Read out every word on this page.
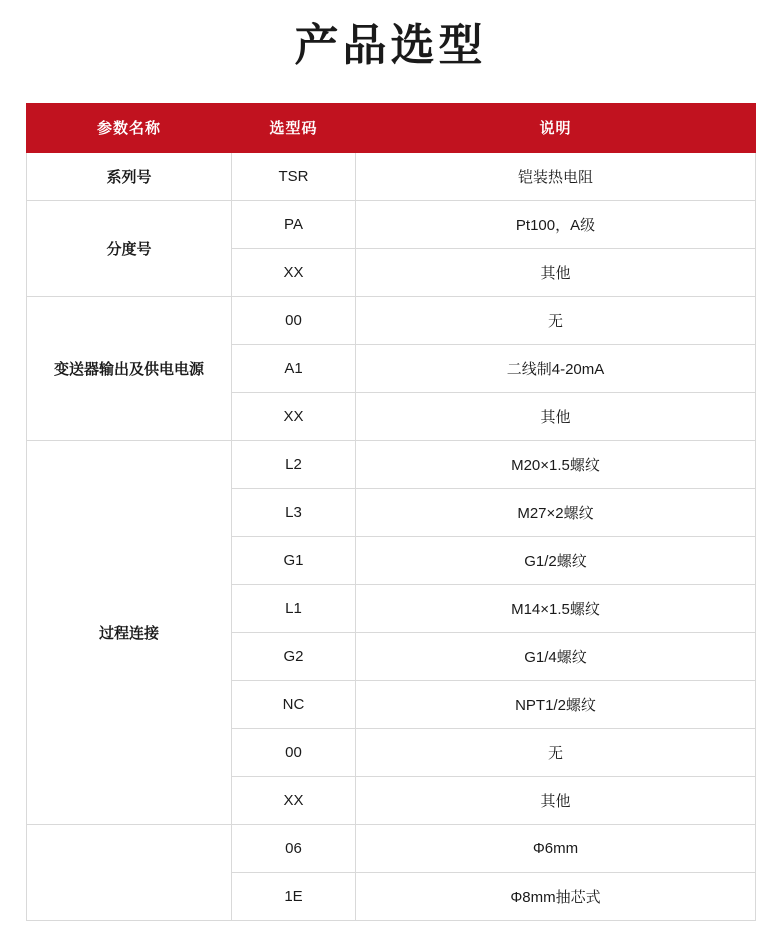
产品选型
参数名称	选型码	说明
系列号	TSR	铠装热电阻
分度号	PA	Pt100，A级
	XX	其他
变送器输出及供电电源	00	无
	A1	二线制4-20mA
	XX	其他
过程连接	L2	M20×1.5螺纹
	L3	M27×2螺纹
	G1	G1/2螺纹
	L1	M14×1.5螺纹
	G2	G1/4螺纹
	NC	NPT1/2螺纹
	00	无
	XX	其他
	06	Φ6mm
	1E	Φ8mm抽芯式
